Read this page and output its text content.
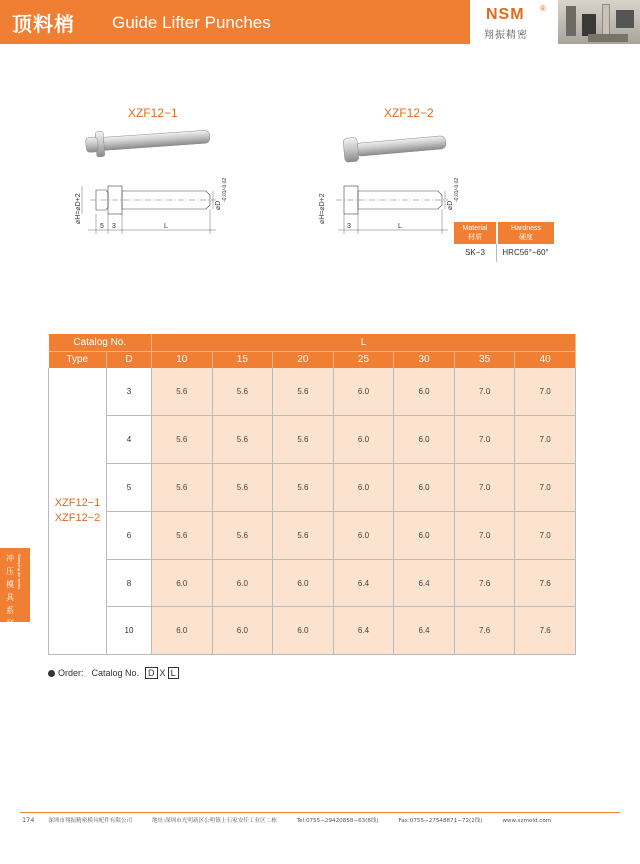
顶料梢 Guide Lifter Punches	NSM ®
翔振精密
XZF12−1
5 3	L
⌀H=⌀D+2
⌀D
-0.01/-0.02
XZF12−2
3	L
⌀H=⌀D+2
⌀D
-0.01/-0.02
Material
材质
Hardness
硬度
SK−3	HRC56°−60°
Catalog No.		L						
Type	D	10	15	20	25	30	35	40
XZF12−1
XZF12−2	3	5.6	5.6	5.6	6.0	6.0	7.0	7.0
	4	5.6	5.6	5.6	6.0	6.0	7.0	7.0
	5	5.6	5.6	5.6	6.0	6.0	7.0	7.0
	6	5.6	5.6	5.6	6.0	6.0	7.0	7.0
	8	6.0	6.0	6.0	6.4	6.4	7.6	7.6
	10	6.0	6.0	6.0	6.4	6.4	7.6	7.6
冲压模具系列
Stamping die series
Order: Catalog No.	D X L
174 深圳市翔振精密模具配件有限公司	地址:深圳市光明新区公明镇上石家安佳工业区二栋	Tel:0755−29420858−63(6线)	Fax:0755−27548871−72(2线)	www.xzmold.com
